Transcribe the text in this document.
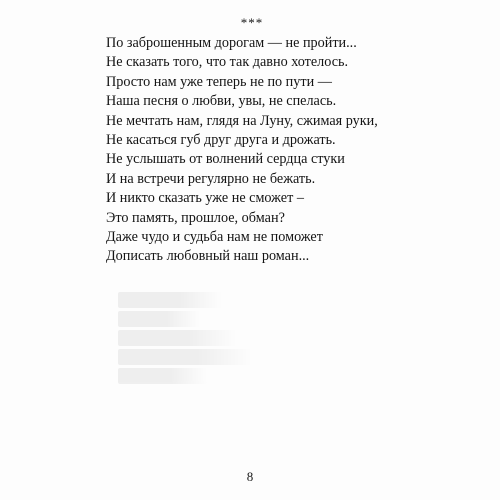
***
По заброшенным дорогам — не пройти...
Не сказать того, что так давно хотелось.
Просто нам уже теперь не по пути —
Наша песня о любви, увы, не спелась.
Не мечтать нам, глядя на Луну, сжимая руки,
Не касаться губ друг друга и дрожать.
Не услышать от волнений сердца стуки
И на встречи регулярно не бежать.
И никто сказать уже не сможет –
Это память, прошлое, обман?
Даже чудо и судьба нам не поможет
Дописать любовный наш роман...
8
